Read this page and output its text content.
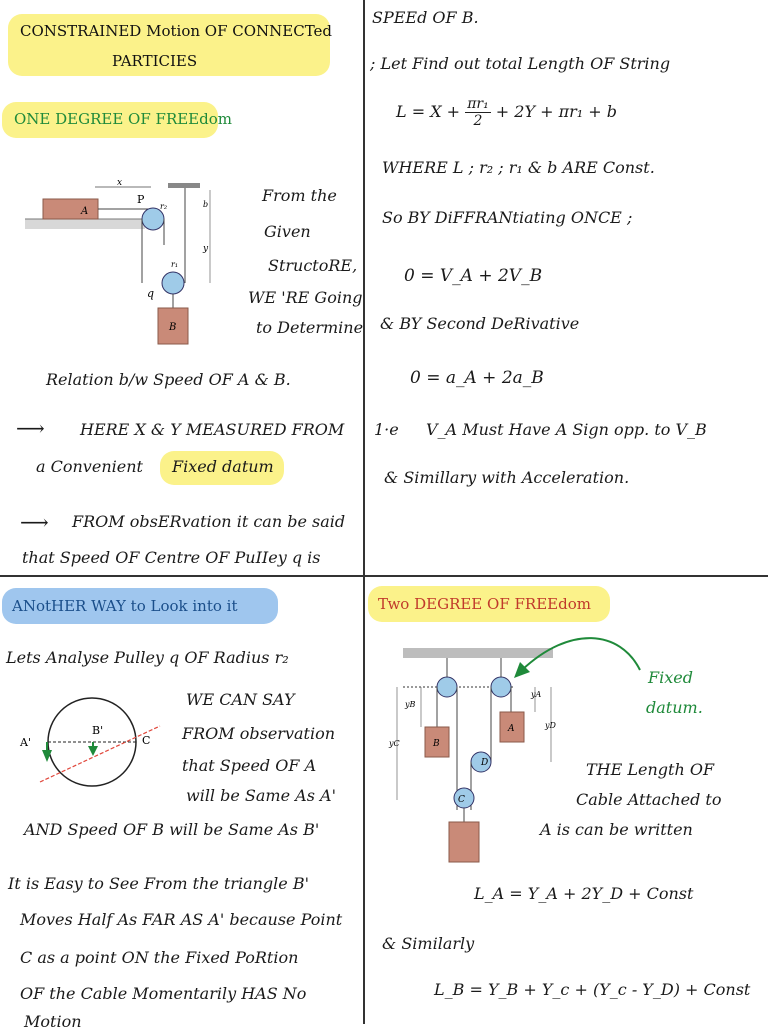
CONSTRAINED Motion OF CONNECTed
PARTICIES
ONE DEGREE OF FREEdom
A
x
P
r₂	b
y
r₁
q
B
From the
Given
StructoRE,
WE 'RE Going
to Determine
Relation b/w Speed OF A & B.
⟶ HERE X & Y MEASURED FROM
a Convenient Fixed datum
⟶ FROM obsERvation it can be said
that Speed OF Centre OF PuIIey q is
SPEEd OF B.
; Let Find out total Length OF String
$L = X + \frac{\text{πr₁}}{2} + 2Y + \pi r_1 + b$
WHERE L ; r₂ ; r₁ & b ARE Const.
So BY DiFFRANtiating ONCE ;
0 = V_A + 2V_B
& BY Second DeRivative
0 = a_A + 2a_B
1·e V_A Must Have A Sign opp. to V_B
& Simillary with Acceleration.
ANotHER WAY to Look into it
Lets Analyse Pulley q OF Radius r₂
A'
B'
C
WE CAN SAY
FROM observation
that Speed OF A
will be Same As A'
AND Speed OF B will be Same As B'
It is Easy to See From the triangle B'
Moves Half As FAR AS A' because Point
C as a point ON the Fixed PoRtion
OF the Cable Momentarily HAS No
Motion
Two DEGREE OF FREEdom
B
A
D
C
yC
yB
yA
yD
Fixed
datum.
THE Length OF
Cable Attached to
A is can be written
L_A = Y_A + 2Y_D + Const
& Similarly
L_B = Y_B + Y_c + (Y_c - Y_D) + Const
